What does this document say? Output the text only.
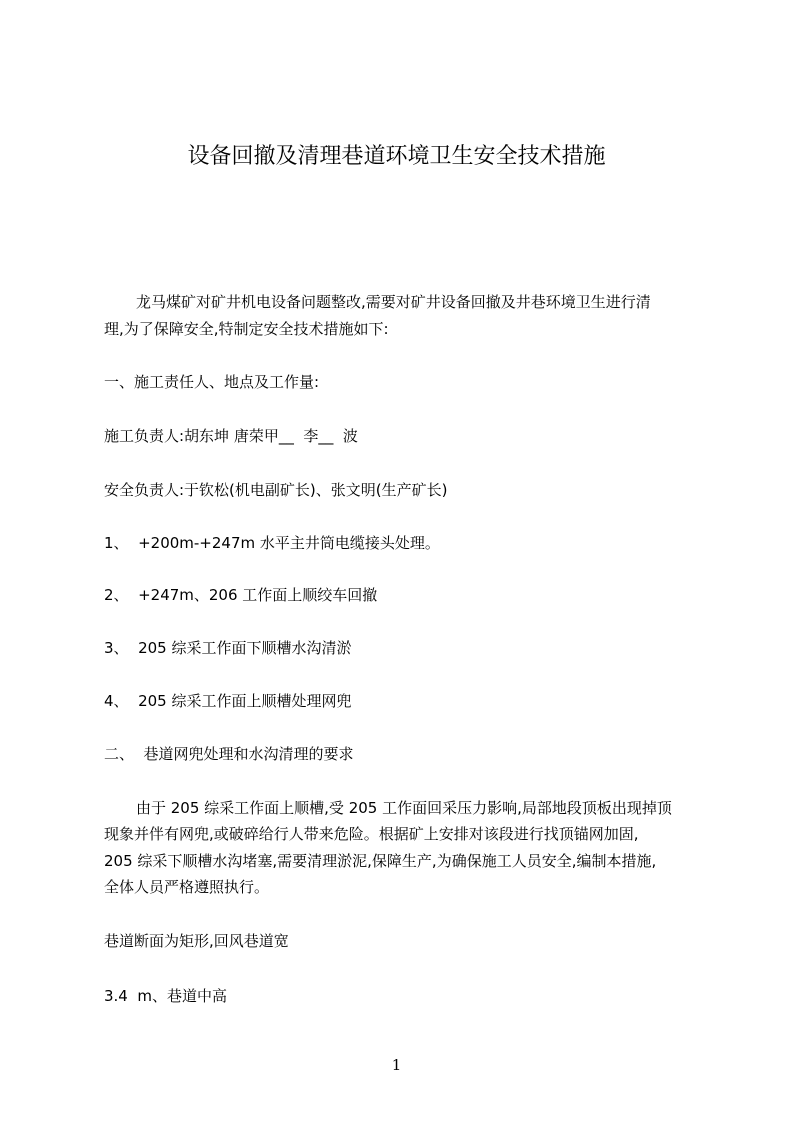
设备回撤及清理巷道环境卫生安全技术措施
龙马煤矿对矿井机电设备问题整改,需要对矿井设备回撤及井巷环境卫生进行清
理,为了保障安全,特制定安全技术措施如下:
一、施工责任人、地点及工作量:
施工负责人:胡东坤 唐荣甲__  李__  波
安全负责人:于钦松(机电副矿长)、张文明(生产矿长)
1、  +200m-+247m 水平主井筒电缆接头处理。
2、  +247m、206 工作面上顺绞车回撤
3、  205 综采工作面下顺槽水沟清淤
4、  205 综采工作面上顺槽处理网兜
二、  巷道网兜处理和水沟清理的要求
由于 205 综采工作面上顺槽,受 205 工作面回采压力影响,局部地段顶板出现掉顶
现象并伴有网兜,或破碎给行人带来危险。根据矿上安排对该段进行找顶锚网加固,
205 综采下顺槽水沟堵塞,需要清理淤泥,保障生产,为确保施工人员安全,编制本措施,
全体人员严格遵照执行。
巷道断面为矩形,回风巷道宽
3.4  m、巷道中高
1
